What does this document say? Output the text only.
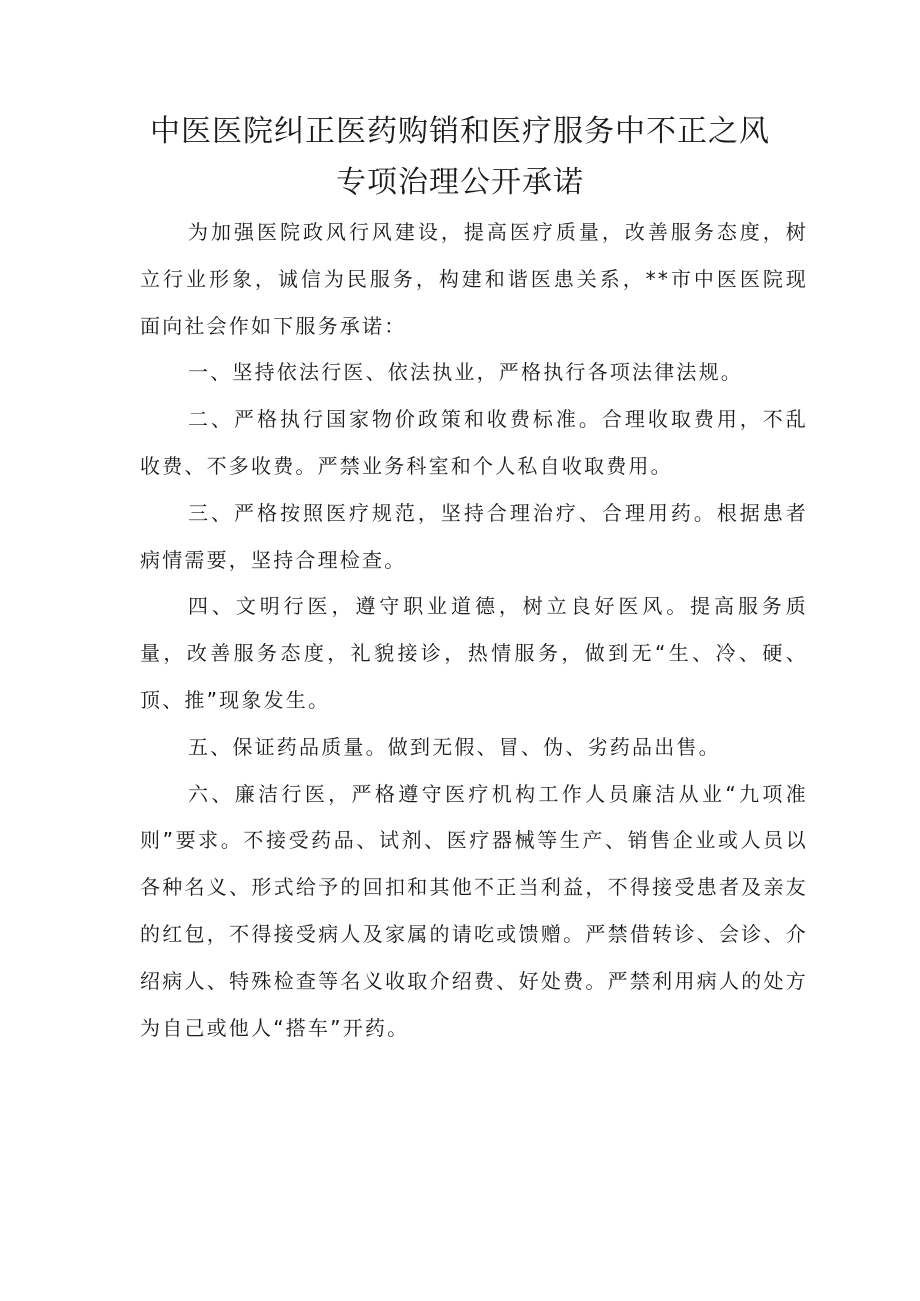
中医医院纠正医药购销和医疗服务中不正之风
专项治理公开承诺

为加强医院政风行风建设，提高医疗质量，改善服务态度，树立行业形象，诚信为民服务，构建和谐医患关系，**市中医医院现面向社会作如下服务承诺：

一、坚持依法行医、依法执业，严格执行各项法律法规。

二、严格执行国家物价政策和收费标准。合理收取费用，不乱收费、不多收费。严禁业务科室和个人私自收取费用。

三、严格按照医疗规范，坚持合理治疗、合理用药。根据患者病情需要，坚持合理检查。

四、文明行医，遵守职业道德，树立良好医风。提高服务质量，改善服务态度，礼貌接诊，热情服务，做到无“生、冷、硬、顶、推”现象发生。

五、保证药品质量。做到无假、冒、伪、劣药品出售。

六、廉洁行医，严格遵守医疗机构工作人员廉洁从业“九项准则”要求。不接受药品、试剂、医疗器械等生产、销售企业或人员以各种名义、形式给予的回扣和其他不正当利益，不得接受患者及亲友的红包，不得接受病人及家属的请吃或馈赠。严禁借转诊、会诊、介绍病人、特殊检查等名义收取介绍费、好处费。严禁利用病人的处方为自己或他人“搭车”开药。
